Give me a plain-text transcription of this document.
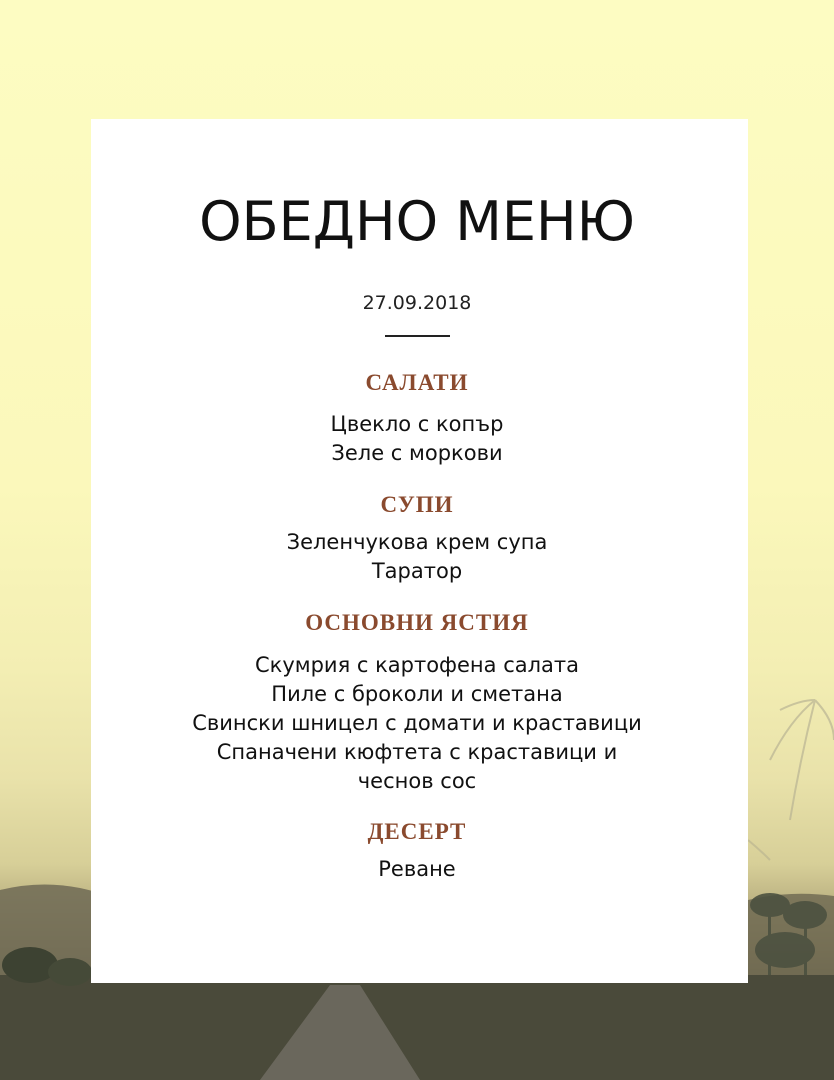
ОБЕДНО МЕНЮ
27.09.2018
САЛАТИ
Цвекло с копър
Зеле с моркови
СУПИ
Зеленчукова крем супа
Таратор
ОСНОВНИ ЯСТИЯ
Скумрия с картофена салата
Пиле с броколи и сметана
Свински шницел с домати и краставици
Спаначени кюфтета с краставици и
чеснов сос
ДЕСЕРТ
Реване
